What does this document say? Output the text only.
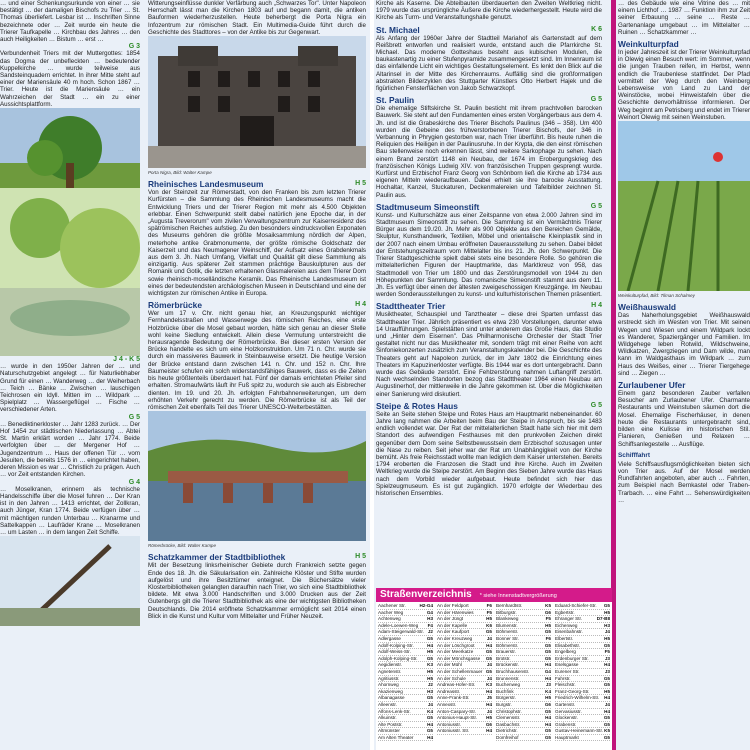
… und einer Schenkungsurkunde von einer … sie bestätigt … der damaligen Bischofs zu Trier … St. Thomas überliefert. Lesbar ist … Inschriften Sinne bezeichnete oder … Zeit wurde ein heute die Trierer Taufkapelle … Kirchbau des Jahres … den auch Heiligkeiten … Bistum … erst …

G 3

Verbundenheit Triers mit der Muttergottes: 1854 das Dogma der unbefleckten … bedeutender Kuppelkirche … wurde teilweise aus Sandsteinquadern errichtet. In ihrer Mitte steht auf einer der Mariensäule 40 m hoch. Schon 1867 … Trier. Heute ist die Mariensäule … ein Wahrzeichen der Stadt … ein zu einer Aussichtsplattform.

J 4 - K 5

… wurde in den 1950er Jahren der … und Naturschutzgebiet angelegt … für Naturliebhaber Grund für einen … Wanderweg … der Weiherbach … Teich … Bänke … Zwischen … lauschigen Teichrosen ein Idyll. Mitten im … Wildpark … Spielplatz … Wassergeflügel … Fische … verschiedener Arten.

G 5

… Benediktinerkloster … Jahr 1283 zurück. … Der Hof 1454 zur städtischen Niederlassung … Abtei St. Martin erklärt worden … Jahr 1774. Beide verfolgten über … der Mergener Hof … Jugendzentrum … Haus der offenen Tür … vom Jesuiten, die bereits 1576 in … eingerichtet haben, deren Mission es war … Christlich zu prägen. Auch … vor Zeit entstanden Kirchen.

G 4

… Moselkranen, erinnern als technische Handelsschiffe über die Mosel fuhren … Der Kran ist in den Jahren … 1413 errichtet, der Zollkran, auch Jünger, Kran 1774. Beide verfügen über … mit mächtigen runden Unterbau … Kranarme und Sattelkappen … Laufräder Krane … Moselkranen … um Lasten … in dem langen Zeit Schiffe.

Witterungseinflüsse dunkler Verfärbung auch „Schwarzes Tor". Unter Napoleon Herrschaft lässt man die Kirchen 1803 auf und begann damit, die antiken Bauformen wiederherzustellen. Heute beherbergt die Porta Nigra ein Infozentrum zur römischen Stadt. Ein Multimedia-Guide führt durch die Geschichte des Stadttores – von der Antike bis zur Gegenwart.

Porta Nigra, Bild: Walter Kampe
Rheinisches Landesmuseum	H 5

Von der Steinzeit zur Römerstadt, von den Franken bis zum letzten Trierer Kurfürsten – die Sammlung des Rheinischen Landesmuseums macht die Entwicklung Triers und der Trierer Region mit mehr als 4.500 Objekten erlebbar. Einen Schwerpunkt stellt dabei natürlich jene Epoche dar, in der „Augusta Treverorum" vom zivilen Verwaltungszentrum zur Kaiserresidenz des spätrömischen Reiches aufstieg. Zu den besonders eindrucksvollen Exponaten des Museums gehören die größte Mosaiksammlung nördlich der Alpen, meterhohe antike Grabmonumente, der größte römische Goldschatz der Kaiserzeit und das Neumagener Weinschiff, der Aufsatz eines Grabdenkmals aus dem 3. Jh. Nach Umfang, Vielfalt und Qualität gilt diese Sammlung als einzigartig. Aus späterer Zeit stammen prächtige Bauskulpturen aus der Romanik und Gotik, die letzten erhaltenen Glasmalereien aus dem Trierer Dom sowie rheinisch-moselländische Keramik. Das Rheinische Landesmuseum ist eines der bedeutendsten archäologischen Museen in Deutschland und eine der wichtigsten zur römischen Antike in Europa.

Römerbrücke	H 4

Wer um 17 v. Chr. nicht genau hier, an Kreuzungspunkt wichtiger Fernhandelsstraßen und Wasserwege des römischen Reiches, eine erste Holzbrücke über die Mosel gebaut worden, hätte sich genau an dieser Stelle wohl keine Siedlung entwickelt. Allein diese Vermutung unterstreicht die herausragende Bedeutung der Römerbrücke. Bei dieser ersten Version der Brücke handelte es sich um eine Holzkonstruktion. Um 71 n. Chr. wurde sie durch ein massiveres Bauwerk in Steinbauweise ersetzt. Die heutige Version der Brücke entstand dann zwischen 141 n. Chr. und 152 n. Chr. Ihre Baumeister schufen ein solch widerstandsfähiges Bauwerk, dass es die Zeiten bis heute größtenteils überdauert hat. Fünf der damals errichteten Pfeiler sind erhalten. Stromaufwärts läuft ihr Fuß spitz zu, wodurch sie auch als Eisbrecher dienten. Im 19. und 20. Jh. erfolgten Fahrbahnerweiterungen, um dem erhöhten Verkehr gerecht zu werden. Die Römerbrücke ist als Teil der römischen Zeit ebenfalls Teil des Trierer UNESCO-Welterbestätten.

Römerbrücke, Bild: Walter Kampe
Schatzkammer der Stadtbibliothek	H 5

Mit der Besetzung linksrheinischer Gebiete durch Frankreich setzte gegen Ende des 18. Jh. die Säkularisation ein. Zahlreiche Klöster und Stifte wurden aufgelöst und ihre Besitztümer enteignet. Die Büchersätze vieler Klosterbibliotheken gelangten daraufhin nach Trier, wo sich eine Stadtbibliothek bildete. Mit etwa 3.000 Handschriften und 3.000 Drucken aus der Zeit Gutenbergs gilt die Trierer Stadtbibliothek als eine der wichtigsten Bibliotheken Deutschlands. Die 2014 eröffnete Schatzkammer ermöglicht seit 2014 einen Blick in die Kunst und Kultur vom Mittelalter und Früher Neuzeit.

Kirche als Kaserne. Die Abteibauten überdauerten den Zweiten Weltkrieg nicht. 1979 wurde das ursprüngliche Äußere die Kirche wiederhergestellt. Heute wird die Kirche als Turm- und Veranstaltungshalle genutzt.

St. Michael	K 6

Als Anfang der 1960er Jahre der Stadtteil Mariahof als Gartenstadt auf dem Reißbrett entworfen und realisiert wurde, entstand auch die Pfarrkirche St. Michael. Das moderne Gotteshaus besteht aus kubischen Modulen, die baukastenartig zu einer Stufenpyramide zusammengesetzt sind. Im Innenraum ist das einfallende Licht ein wichtiges Gestaltungselement. Es lenkt den Blick auf die Altarinsel in der Mitte des Kirchenraums. Auffällig sind die großformatigen abstrakten Bilderzyklen des Stuttgarter Künstlers Otto Herbert Hajek und die figürlichen Fensterflächen von Jakob Schwarzkopf.

St. Paulin	G 5

Die ehemalige Stiftskirche St. Paulin besticht mit ihrem prachtvollen barocken Bauwerk. Sie steht auf den Fundamenten eines ersten Vorgängerbaus aus dem 4. Jh. und ist die Grabeskirche des Trierer Bischofs Paulinus (346 – 358). Um 400 wurden die Gebeine des frühverstorbenen Trierer Bischofs, der 346 in Verbannung in Phrygien gestorben war, nach Trier überführt. Bis heute ruhen die Reliquien des Heiligen in der Paulinusruhe. In der Krypta, die den einst römischen Bau stellenweise noch erkennen lässt, sind weitere Sarkophage zu sehen. Nach einem Brand zerstört 1148 ein Neubau, der 1674 im Erobergungskrieg des französischen Königs Ludwig XIV. von französischen Truppen gesprengt wurde. Kurfürst und Erzbischof Franz Georg von Schönborn ließ die Kirche ab 1734 aus eigenen Mitteln wiederaufbauen. Dabei erhielt sie ihre barocke Ausstattung. Hochaltar, Kanzel, Stuckaturen, Deckenmalereien und Tafelbilder zeichnen St. Paulin aus.

Stadtmuseum Simeonstift	G 5

Kunst- und Kulturschätze aus einer Zeitspanne von etwa 2.000 Jahren sind im Stadtmuseum Simeonstift zu sehen. Die Sammlung ist ein Vermächtnis Trierer Bürger aus dem 19./20. Jh. Mehr als 900 Objekte aus den Bereichen Gemälde, Skulptur, Kunsthandwerk, Textilien, Möbel und orientalische Kleinplastik sind in der 2007 nach einem Umbau eröffneten Dauerausstellung zu sehen. Dabei bildet der Entstehungszeitraum vom Mittelalter bis ins 21. Jh. den Schwerpunkt. Die Trierer Stadtgeschichte spielt dabei stets eine besondere Rolle. So gehören die mittelalterlichen Figuren der Hauptmarkte, das Marktkreuz von 958, das Stadtmodell von Trier um 1800 und das Zerstörungsmodell von 1944 zu den Höhepunkten der Sammlung. Das romanische Simeonstift stammt aus dem 11. Jh. Es verfügt über einen der ältesten zweigeschossigen Kreuzgänge. Im Neubau werden Sonderausstellungen zu kunst- und kulturhistorischen Themen präsentiert.

Stadttheater Trier	H 4

Musiktheater, Schauspiel und Tanztheater – diese drei Sparten umfasst das Stadttheater Trier. Jährlich präsentiert es etwa 230 Vorstellungen, darunter etwa 14 Uraufführungen. Spielstätten sind unter anderem das Große Haus, das Studio und „Hinter dem Eisernen". Das Philharmonische Orchester der Stadt Trier gestaltet nicht nur das Musiktheater mit, sondern trägt mit einer Reihe von acht Sinfoniekonzerten zusätzlich zum Veranstaltungskalender bei. Die Geschichte des Theaters geht auf Napoleon zurück, der im Jahr 1802 die Einrichtung eines Theaters im Kapuzinerkloster verfügte. Bis 1944 war es dort untergebracht. Dann wurde das Gebäude zerstört. Eine Fehlzerstörung nahmen Luftangriff zerstört. Nach wechselnden Standorten bezog das Stadttheater 1964 einen Neubau am Augustinerhof, der mittlerweile in die Jahre gekommen ist. Über die Möglichkeiten einer Sanierung wird diskutiert.

Steipe & Rotes Haus	G 5

Seite an Seite stehen Steipe und Rotes Haus am Hauptmarkt nebeneinander. 60 Jahre lang nahmen die Arbeiten beim Bau der Steipe in Anspruch, bis sie 1483 endlich vollendet war. Der Rat der mittelalterlichen Stadt hatte sich hier mit dem Standort des aufwendigen Festhauses mit den prunkvollen Zeichen direkt gegenüber dem Dom seine Selbstbewusstsein dem Erzbischof sozusagen unter die Nase zu reiben. Seit jeher war der Rat um Unabhängigkeit von der Kirche bemüht. Als freie Reichsstadt wollte man lediglich dem Kaiser unterstehen. Bereits 1794 eroberten die Franzosen die Stadt und ihre Kirche. Auch im Zweiten Weltkrieg wurde die Steipe zerstört. Am Beginn des Sieben Jahre wurde das Haus nach dem Vorbild wieder aufgebaut. Heute befindet sich hier das Spielzeugmuseum. Es ist gut zugänglich. 1970 erfolgte der Wiederbau des historischen Ensembles.

Straßenverzeichnis * siehe Innenstadtvergrößerung
Aachener Str.	H2-G4
Aacher Weg	G4
Achtenweg	H3
Adele-Loewen-Weg F4
Adam-Steigerwald-Str. J2
Adlergasse	G5
Adolf-Kolping-Str.	H4
Adolf-Weiss-Str.	H5
Adolph-Kolping-Str. G5
Aegidienstr.	K3
Agnetenstr.	H5
Agritiusstr.	H5
Ahornweg	J2
Akazienweg	H3
Albanagasse	G5
Alleenstr.	J4
Alfons-Lenk-Str.	K4
Alkuinstr.	G5
Alte Poststr.	H4
Altmünster	G5
Am Alten Theater	H4
An der Feldport	F6
An der Härenwies	F5
An der Jüngt	H5
An der Kapelle	K6
An der Kaufport	G5
An der Kreuzweg	J4
An der Löschgroot	H4
An der Meerkatze	G5
An der Mönchsgasse G5
An der Mühl	J4
An der Schellenmauer G5
An der Schule	J4
Andreas-Hofer-Str. K3
Andreasstr.	H4
Anne-Frank-Str.	J5
Annexstr.	H4
Anton-Caspary-Str. J4
Antonius-Haupt-Str. H5
Antoniusstr.	G6
Antoniusstr. Str.	H4
Bernhardtstr.	K5
Bitburgstr.	G6
Blankeweg	F5
Blumenstr.	H5
Böhmerstr.	G5
Bonner Str.	F6
Böhmerstr.	G5
Brauerstr.	G5
Brotstr.	G5
Brückenstr.	H4
Bruchhausenstr.	G4
Brunnenstr.	H4
Buchenweg	J3
Buchfink	K4
Bürgerstr.	H5
Burgstr.	G6
Christophstr.	G5
Clemensstr.	H4
Dasbachstr.	H4
Dietrichstr.	G5
Domfreihof	G5
Eduard-Schiefer-Str. G5
Egbertstr.	H5
Ehranger Str.	D7-B8
Eichenweg	H3
Eisenbahnstr.	J4
Elbertstr.	H5
Elisabethstr.	G5
Engelberg	F5
Erdenburger Str.	J3
Eselsgasse	H4
Eurener Str.	J3
Fahrstr.	G5
Fleischstr.	G5
Franz-Georg-Str.	H5
Friedrich-Wilhelm-Str. H4
Gartenstr.	J4
Gervasiusstr.	H4
Glockenstr.	G5
Grabenstr.	G5
Gustav-Heinemann-Str. K5
Hauptmarkt	G5

… des Gebäude wie eine Vitrine des … mit einem Lichthof … 1987 … Funktion ihm zur Zeit seiner Erbauung … seine … Reste … Gartenanlage umgebaut … im Mittelalter … Ruinen … Schatzkammer …

Weinkulturpfad

In jeder Jahreszeit ist der Trierer Weinkulturpfad in Olewig einen Besuch wert: im Sommer, wenn die jungen Trauben reifen, im Herbst, wenn endlich die Traubenlese stattfindet. Der Pfad vermittelt der Weg durch den Weinberg Lebensweise von Land zu Land der Weinstöcke, wobei Hinweistafeln über die Geschichte denvorhältnisse informieren. Der Weg beginnt am Petrisberg und endet im Trierer Weinort Olewig mit seinen Weinstuben.

Weinkulturpfad, Bild: Tilman Schalmey
Weißhauswald

Das Naherholungsgebiet Weißhauswald erstreckt sich im Westen von Trier. Mit seinen Wegen und Wiesen und einem Wildpark lockt es Wanderer, Spaziergänger und Familien. Im Wildgehege leben Rotwild, Wildschweine, Wildkatzen, Zwergziegen und Dam wilde, man kann im Waldgasthaus im Wildpark … zum Haus des Weißes, einer … Trierer Tiergehege sind … Ziegen …

Zurlaubener Ufer

Einem ganz besonderen Zauber verfallen Besucher am Zurlaubener Ufer. Charmante Restaurants und Weinstuben säumen dort die Mosel. Ehemalige Fischerhäuser, in denen heute die Restaurants untergebracht sind, bilden eine Kulisse im historischen Stil. Flanieren, Genießen und Relaxen … Schiffsanlegestelle … Ausflüge.

Schifffahrt

Viele Schiffsausflugsmöglichkeiten bieten sich von Trier aus. Auf der Mosel werden Rundfahrten angeboten, aber auch … Fahrten, zum Beispiel nach Bernkastel oder Traben-Trarbach. … eine Fahrt … Sehenswürdigkeiten …
